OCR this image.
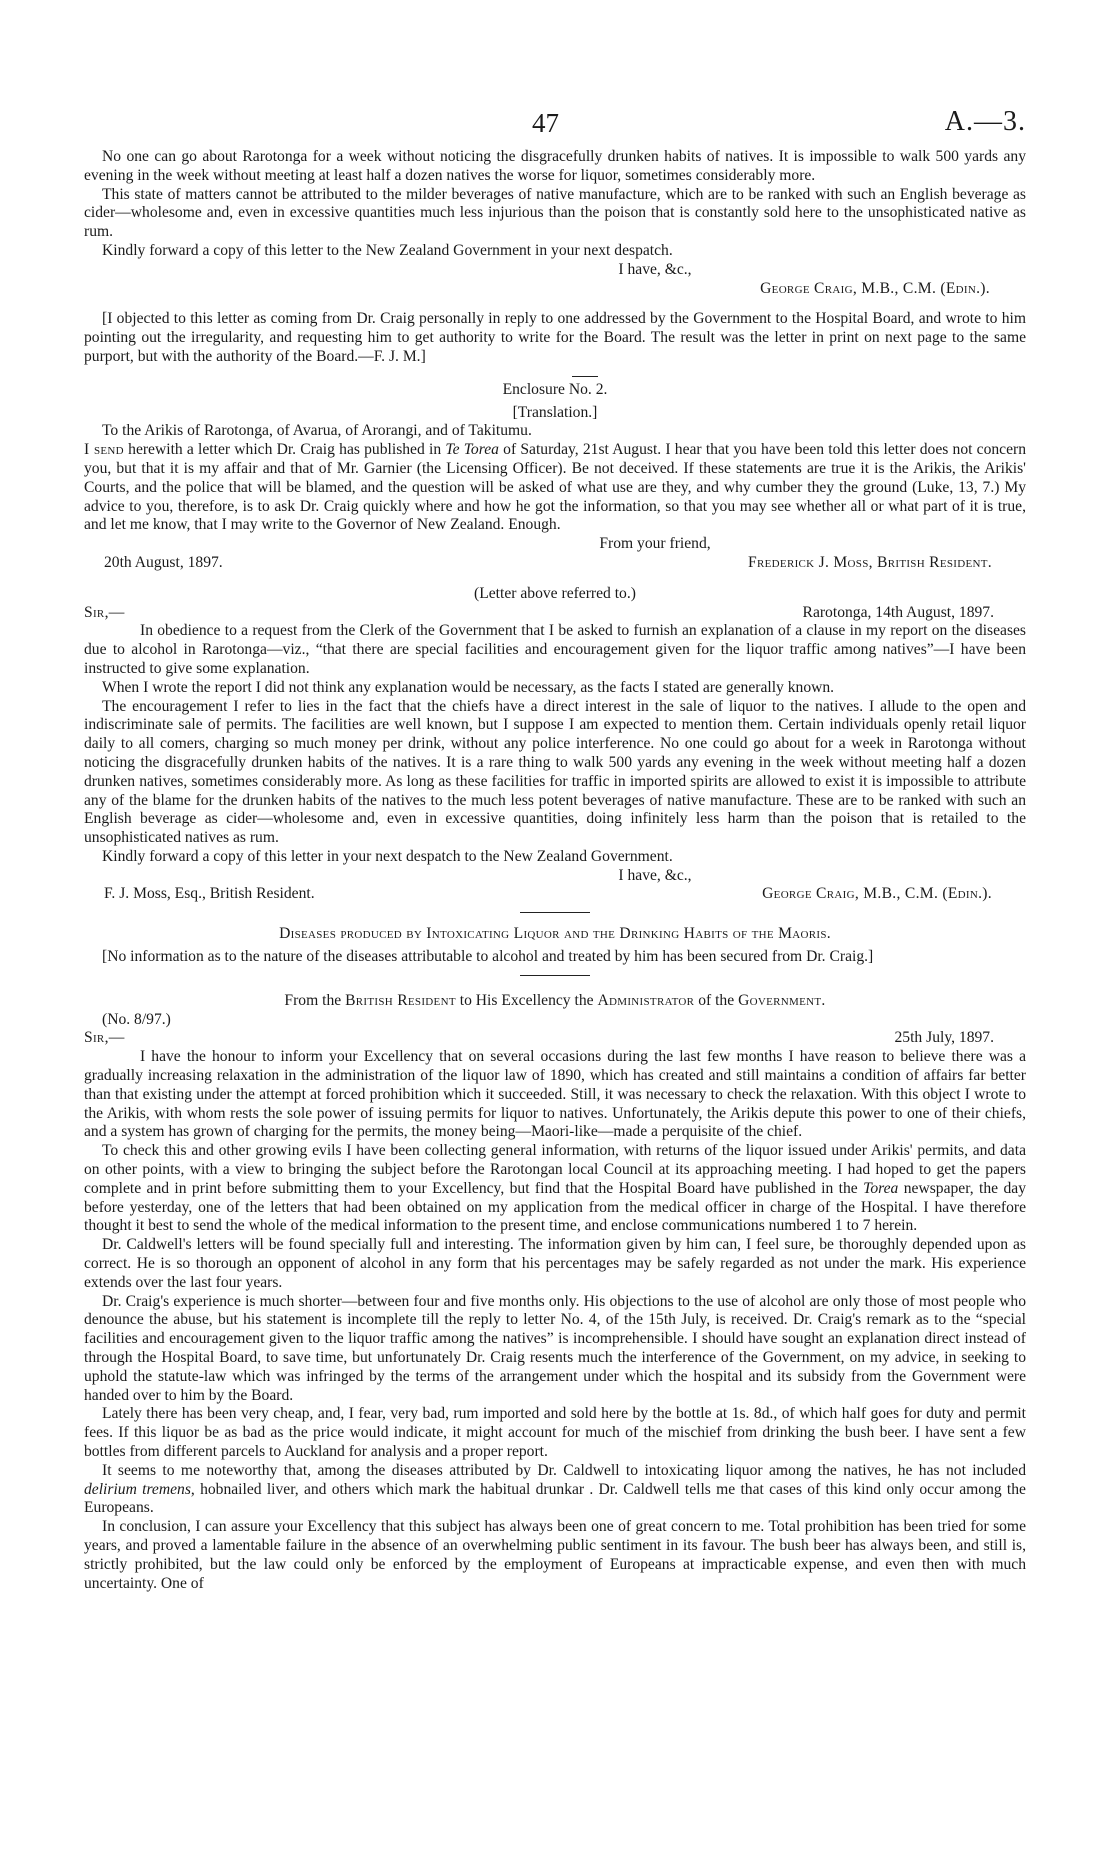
47	A.—3.

No one can go about Rarotonga for a week without noticing the disgracefully drunken habits of natives. It is impossible to walk 500 yards any evening in the week without meeting at least half a dozen natives the worse for liquor, sometimes considerably more.

This state of matters cannot be attributed to the milder beverages of native manufacture, which are to be ranked with such an English beverage as cider—wholesome and, even in excessive quantities much less injurious than the poison that is constantly sold here to the unsophisticated native as rum.

Kindly forward a copy of this letter to the New Zealand Government in your next despatch.

I have, &c.,

George Craig, M.B., C.M. (Edin.).

[I objected to this letter as coming from Dr. Craig personally in reply to one addressed by the Government to the Hospital Board, and wrote to him pointing out the irregularity, and requesting him to get authority to write for the Board. The result was the letter in print on next page to the same purport, but with the authority of the Board.—F. J. M.]

Enclosure No. 2.

[Translation.]

To the Arikis of Rarotonga, of Avarua, of Arorangi, and of Takitumu.

I send herewith a letter which Dr. Craig has published in Te Torea of Saturday, 21st August. I hear that you have been told this letter does not concern you, but that it is my affair and that of Mr. Garnier (the Licensing Officer). Be not deceived. If these statements are true it is the Arikis, the Arikis' Courts, and the police that will be blamed, and the question will be asked of what use are they, and why cumber they the ground (Luke, 13, 7.) My advice to you, therefore, is to ask Dr. Craig quickly where and how he got the information, so that you may see whether all or what part of it is true, and let me know, that I may write to the Governor of New Zealand. Enough.

From your friend,

20th August, 1897.	Frederick J. Moss, British Resident.

(Letter above referred to.)

Sir,—	Rarotonga, 14th August, 1897.

In obedience to a request from the Clerk of the Government that I be asked to furnish an explanation of a clause in my report on the diseases due to alcohol in Rarotonga—viz., “that there are special facilities and encouragement given for the liquor traffic among natives”—I have been instructed to give some explanation.

When I wrote the report I did not think any explanation would be necessary, as the facts I stated are generally known.

The encouragement I refer to lies in the fact that the chiefs have a direct interest in the sale of liquor to the natives. I allude to the open and indiscriminate sale of permits. The facilities are well known, but I suppose I am expected to mention them. Certain individuals openly retail liquor daily to all comers, charging so much money per drink, without any police interference. No one could go about for a week in Rarotonga without noticing the disgracefully drunken habits of the natives. It is a rare thing to walk 500 yards any evening in the week without meeting half a dozen drunken natives, sometimes considerably more. As long as these facilities for traffic in imported spirits are allowed to exist it is impossible to attribute any of the blame for the drunken habits of the natives to the much less potent beverages of native manufacture. These are to be ranked with such an English beverage as cider—wholesome and, even in excessive quantities, doing infinitely less harm than the poison that is retailed to the unsophisticated natives as rum.

Kindly forward a copy of this letter in your next despatch to the New Zealand Government.

I have, &c.,

F. J. Moss, Esq., British Resident.	George Craig, M.B., C.M. (Edin.).

Diseases produced by Intoxicating Liquor and the Drinking Habits of the Maoris.

[No information as to the nature of the diseases attributable to alcohol and treated by him has been secured from Dr. Craig.]

From the British Resident to His Excellency the Administrator of the Government.

(No. 8/97.)

Sir,—	25th July, 1897.

I have the honour to inform your Excellency that on several occasions during the last few months I have reason to believe there was a gradually increasing relaxation in the administration of the liquor law of 1890, which has created and still maintains a condition of affairs far better than that existing under the attempt at forced prohibition which it succeeded. Still, it was necessary to check the relaxation. With this object I wrote to the Arikis, with whom rests the sole power of issuing permits for liquor to natives. Unfortunately, the Arikis depute this power to one of their chiefs, and a system has grown of charging for the permits, the money being—Maori-like—made a perquisite of the chief.

To check this and other growing evils I have been collecting general information, with returns of the liquor issued under Arikis' permits, and data on other points, with a view to bringing the subject before the Rarotongan local Council at its approaching meeting. I had hoped to get the papers complete and in print before submitting them to your Excellency, but find that the Hospital Board have published in the Torea newspaper, the day before yesterday, one of the letters that had been obtained on my application from the medical officer in charge of the Hospital. I have therefore thought it best to send the whole of the medical information to the present time, and enclose communications numbered 1 to 7 herein.

Dr. Caldwell's letters will be found specially full and interesting. The information given by him can, I feel sure, be thoroughly depended upon as correct. He is so thorough an opponent of alcohol in any form that his percentages may be safely regarded as not under the mark. His experience extends over the last four years.

Dr. Craig's experience is much shorter—between four and five months only. His objections to the use of alcohol are only those of most people who denounce the abuse, but his statement is incomplete till the reply to letter No. 4, of the 15th July, is received. Dr. Craig's remark as to the “special facilities and encouragement given to the liquor traffic among the natives” is incomprehensible. I should have sought an explanation direct instead of through the Hospital Board, to save time, but unfortunately Dr. Craig resents much the interference of the Government, on my advice, in seeking to uphold the statute-law which was infringed by the terms of the arrangement under which the hospital and its subsidy from the Government were handed over to him by the Board.

Lately there has been very cheap, and, I fear, very bad, rum imported and sold here by the bottle at 1s. 8d., of which half goes for duty and permit fees. If this liquor be as bad as the price would indicate, it might account for much of the mischief from drinking the bush beer. I have sent a few bottles from different parcels to Auckland for analysis and a proper report.

It seems to me noteworthy that, among the diseases attributed by Dr. Caldwell to intoxicating liquor among the natives, he has not included delirium tremens, hobnailed liver, and others which mark the habitual drunkar . Dr. Caldwell tells me that cases of this kind only occur among the Europeans.

In conclusion, I can assure your Excellency that this subject has always been one of great concern to me. Total prohibition has been tried for some years, and proved a lamentable failure in the absence of an overwhelming public sentiment in its favour. The bush beer has always been, and still is, strictly prohibited, but the law could only be enforced by the employment of Europeans at impracticable expense, and even then with much uncertainty. One of
